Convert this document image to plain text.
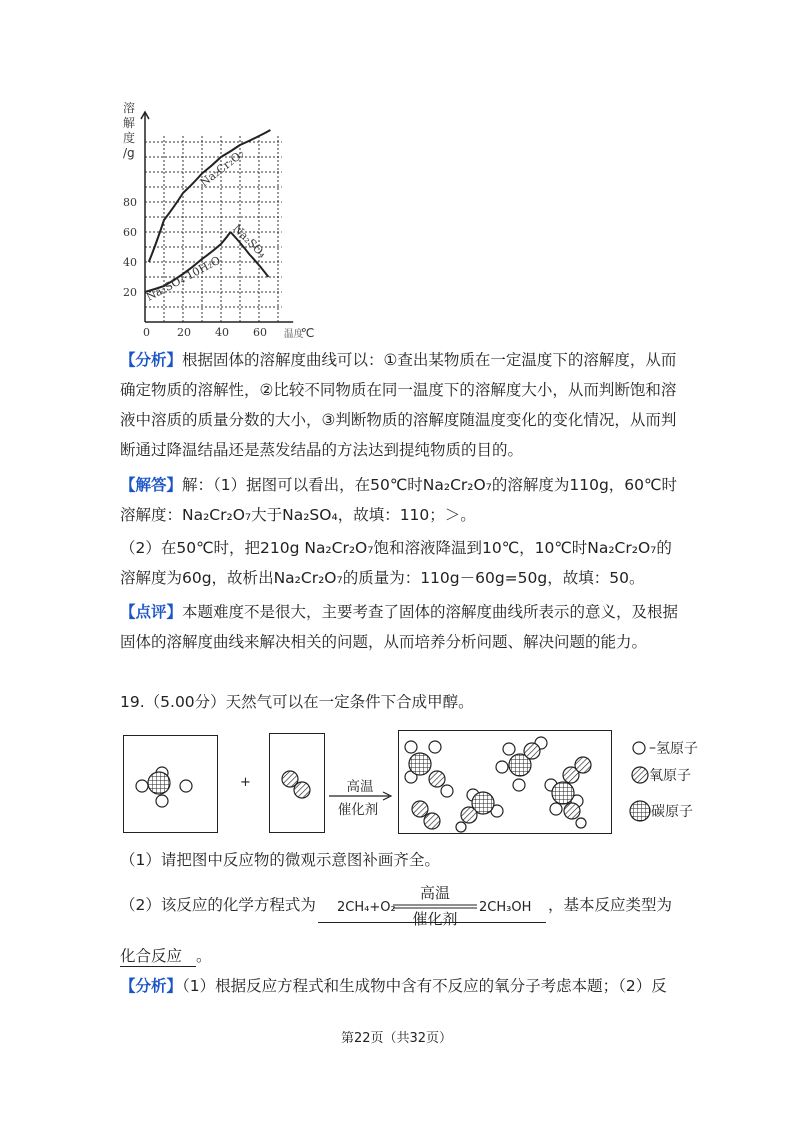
20
40
60
80
0 20 40 60
溶
解
度
/g
温度
℃
Na₂Cr₂O₇
Na₂SO₄
Na₂SO₄·10H₂O
【分析】根据固体的溶解度曲线可以：①查出某物质在一定温度下的溶解度，从而确定物质的溶解性，②比较不同物质在同一温度下的溶解度大小，从而判断饱和溶液中溶质的质量分数的大小，③判断物质的溶解度随温度变化的变化情况，从而判断通过降温结晶还是蒸发结晶的方法达到提纯物质的目的。
【解答】解：（1）据图可以看出，在50℃时Na₂Cr₂O₇的溶解度为110g，60℃时溶解度：Na₂Cr₂O₇大于Na₂SO₄，故填：110；＞。
（2）在50℃时，把210g Na₂Cr₂O₇饱和溶液降温到10℃，10℃时Na₂Cr₂O₇的溶解度为60g，故析出Na₂Cr₂O₇的质量为：110g－60g=50g，故填：50。
【点评】本题难度不是很大，主要考查了固体的溶解度曲线所表示的意义，及根据固体的溶解度曲线来解决相关的问题，从而培养分析问题、解决问题的能力。
19.（5.00分）天然气可以在一定条件下合成甲醇。
+	高温
催化剂
– 氢原子
氧原子
碳原子
（1）请把图中反应物的微观示意图补画齐全。
（2）该反应的化学方程式为 2CH₄+O₂
高温
催化剂
2CH₃OH ，基本反应类型为
化合反应 。
【分析】（1）根据反应方程式和生成物中含有不反应的氧分子考虑本题；（2）反
第22页（共32页）
